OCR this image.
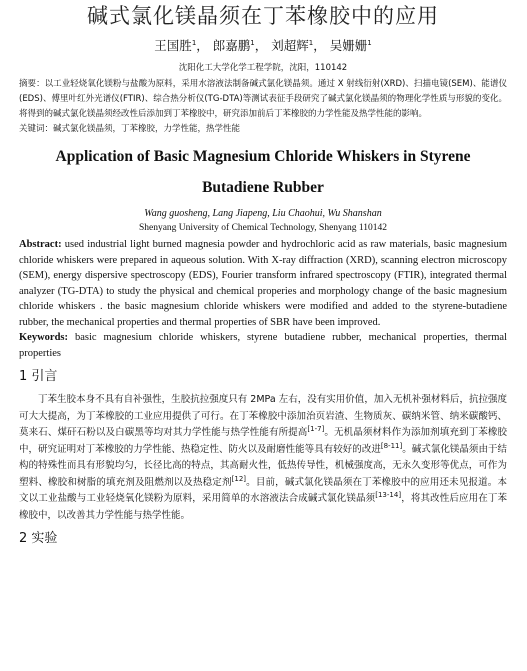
碱式氯化镁晶须在丁苯橡胶中的应用
王国胜$^1$， 郎嘉鹏$^1$， 刘超辉$^1$， 吴姗姗$^1$
沈阳化工大学化学工程学院，沈阳，110142
摘要：以工业轻烧氧化镁粉与盐酸为原料，采用水溶液法制备碱式氯化镁晶须。通过 X 射线衍射(XRD)、扫描电镜(SEM)、能谱仪(EDS)、傅里叶红外光谱仪(FTIR)、综合热分析仪(TG-DTA)等测试表征手段研究了碱式氯化镁晶须的物理化学性质与形貌的变化。将得到的碱式氯化镁晶须经改性后添加到丁苯橡胶中，研究添加前后丁苯橡胶的力学性能及热学性能的影响。
关键词：碱式氯化镁晶须，丁苯橡胶，力学性能，热学性能
Application of Basic Magnesium Chloride Whiskers in Styrene
Butadiene Rubber
Wang guosheng, Lang Jiapeng, Liu Chaohui, Wu Shanshan
Shenyang University of Chemical Technology, Shenyang 110142
Abstract: used industrial light burned magnesia powder and hydrochloric acid as raw materials, basic magnesium chloride whiskers were prepared in aqueous solution. With X-ray diffraction (XRD), scanning electron microscopy (SEM), energy dispersive spectroscopy (EDS), Fourier transform infrared spectroscopy (FTIR), integrated thermal analyzer (TG-DTA) to study the physical and chemical properies and morphology change of the basic magnesium chloride whiskers . the basic magnesium chloride whiskers were modified and added to the styrene-butadiene rubber, the mechanical properties and thermal properties of SBR have been improved.
Keywords: basic magnesium chloride whiskers, styrene butadiene rubber, mechanical properties, thermal properties
1 引言
丁苯生胶本身不具有自补强性，生胶抗拉强度只有 2MPa 左右，没有实用价值，加入无机补强材料后，抗拉强度可大大提高，为丁苯橡胶的工业应用提供了可行。在丁苯橡胶中添加治页岩渣、生物质灰、碳纳米管、纳米碳酸钙、莫来石、煤矸石粉以及白碳黑等均对其力学性能与热学性能有所提高[1-7]。无机晶须材料作为添加剂填充到丁苯橡胶中，研究证明对丁苯橡胶的力学性能、热稳定性、防火以及耐磨性能等具有较好的改进[8-11]。碱式氯化镁晶须由于结构的特殊性而具有形貌均匀，长径比高的特点，其高耐火性，低热传导性，机械强度高，无永久变形等优点，可作为塑料、橡胶和树脂的填充剂及阻燃剂以及热稳定剂[12]。目前，碱式氯化镁晶须在丁苯橡胶中的应用还未见报道。本文以工业盐酸与工业轻烧氧化镁粉为原料，采用简单的水溶液法合成碱式氯化镁晶须[13-14]，将其改性后应用在丁苯橡胶中，以改善其力学性能与热学性能。
2 实验
